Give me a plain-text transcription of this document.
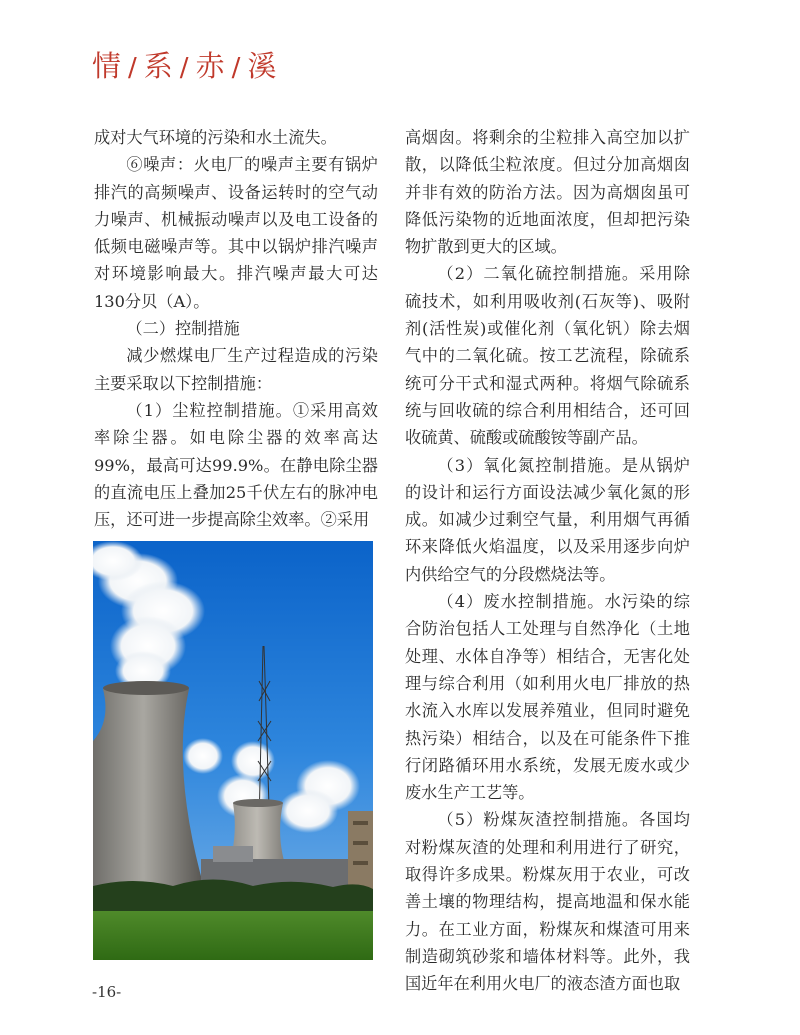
情 / 系 / 赤 / 溪

成对大气环境的污染和水土流失。

⑥噪声：火电厂的噪声主要有锅炉排汽的高频噪声、设备运转时的空气动力噪声、机械振动噪声以及电工设备的低频电磁噪声等。其中以锅炉排汽噪声对环境影响最大。排汽噪声最大可达130分贝（A）。

（二）控制措施

减少燃煤电厂生产过程造成的污染主要采取以下控制措施：

（1）尘粒控制措施。①采用高效率除尘器。如电除尘器的效率高达99%，最高可达99.9%。在静电除尘器的直流电压上叠加25千伏左右的脉冲电压，还可进一步提高除尘效率。②采用

高烟囱。将剩余的尘粒排入高空加以扩散，以降低尘粒浓度。但过分加高烟囱并非有效的防治方法。因为高烟囱虽可降低污染物的近地面浓度，但却把污染物扩散到更大的区域。

（2）二氧化硫控制措施。采用除硫技术，如利用吸收剂(石灰等)、吸附剂(活性炭)或催化剂（氧化钒）除去烟气中的二氧化硫。按工艺流程，除硫系统可分干式和湿式两种。将烟气除硫系统与回收硫的综合利用相结合，还可回收硫黄、硫酸或硫酸铵等副产品。

（3）氧化氮控制措施。是从锅炉的设计和运行方面设法减少氧化氮的形成。如减少过剩空气量，利用烟气再循环来降低火焰温度，以及采用逐步向炉内供给空气的分段燃烧法等。

（4）废水控制措施。水污染的综合防治包括人工处理与自然净化（土地处理、水体自净等）相结合，无害化处理与综合利用（如利用火电厂排放的热水流入水库以发展养殖业，但同时避免热污染）相结合，以及在可能条件下推行闭路循环用水系统，发展无废水或少废水生产工艺等。

（5）粉煤灰渣控制措施。各国均对粉煤灰渣的处理和利用进行了研究，取得许多成果。粉煤灰用于农业，可改善土壤的物理结构，提高地温和保水能力。在工业方面，粉煤灰和煤渣可用来制造砌筑砂浆和墙体材料等。此外，我国近年在利用火电厂的液态渣方面也取

-16-
